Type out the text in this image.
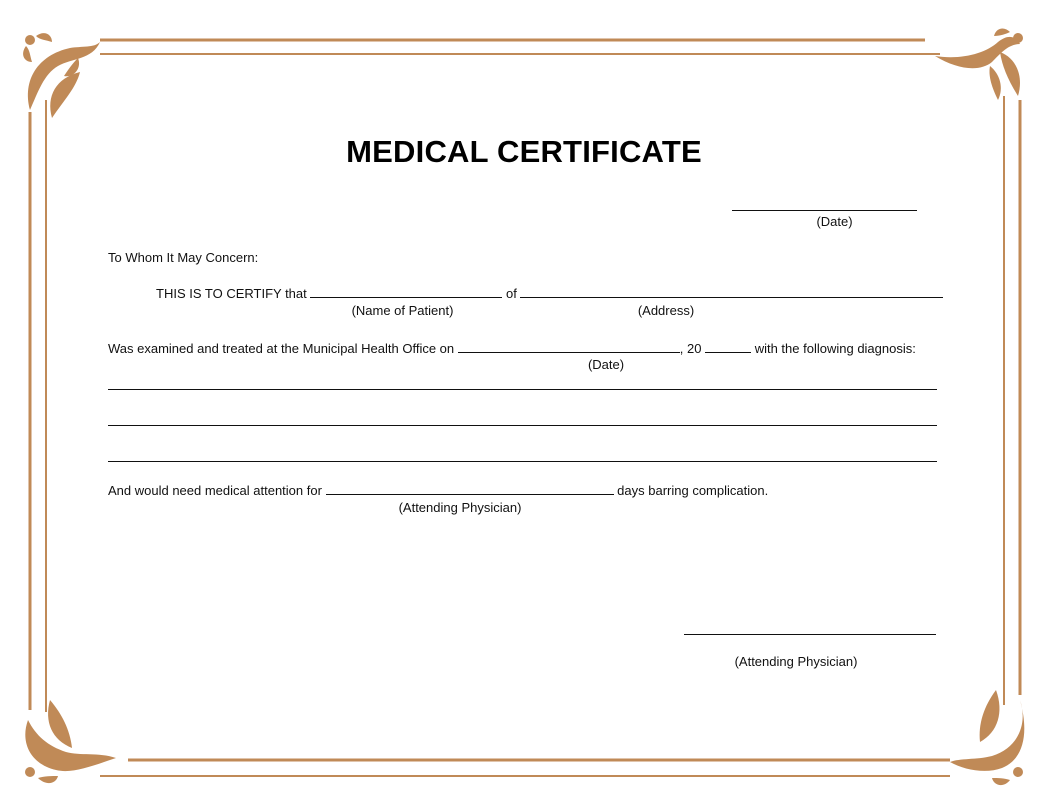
MEDICAL CERTIFICATE
(Date)
To Whom It May Concern:
THIS IS TO CERTIFY that	of
(Name of Patient)	(Address)
Was examined and treated at the Municipal Health Office on	, 20	with the following diagnosis:
(Date)
And would need medical attention for	days barring complication.
(Attending Physician)
(Attending Physician)
